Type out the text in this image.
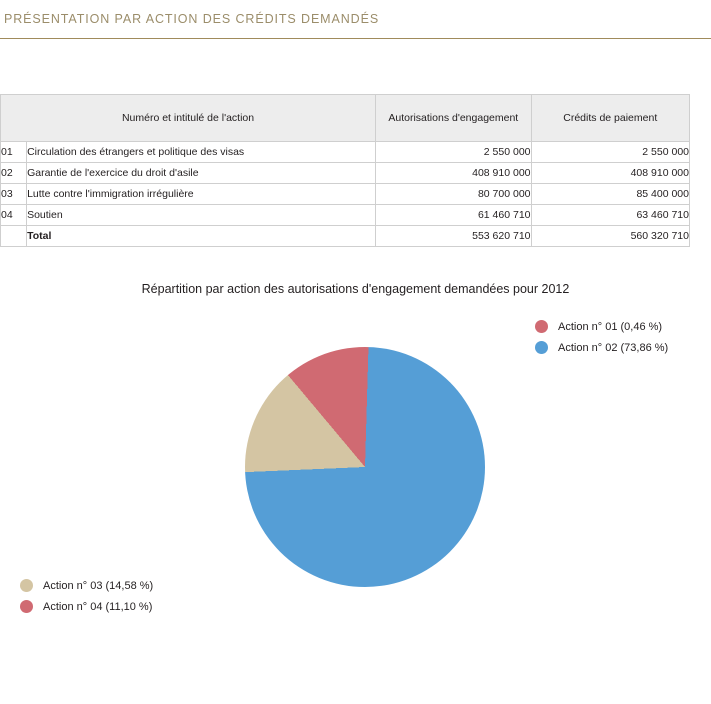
PRÉSENTATION PAR ACTION DES CRÉDITS DEMANDÉS
Numéro et intitulé de l'action		Autorisations d'engagement	Crédits de paiement
01	Circulation des étrangers et politique des visas	2 550 000	2 550 000
02	Garantie de l'exercice du droit d'asile	408 910 000	408 910 000
03	Lutte contre l'immigration irrégulière	80 700 000	85 400 000
04	Soutien	61 460 710	63 460 710
	Total	553 620 710	560 320 710
Répartition par action des autorisations d'engagement demandées pour 2012
Action n° 01 (0,46 %)
Action n° 02 (73,86 %)
Action n° 03 (14,58 %)
Action n° 04 (11,10 %)
